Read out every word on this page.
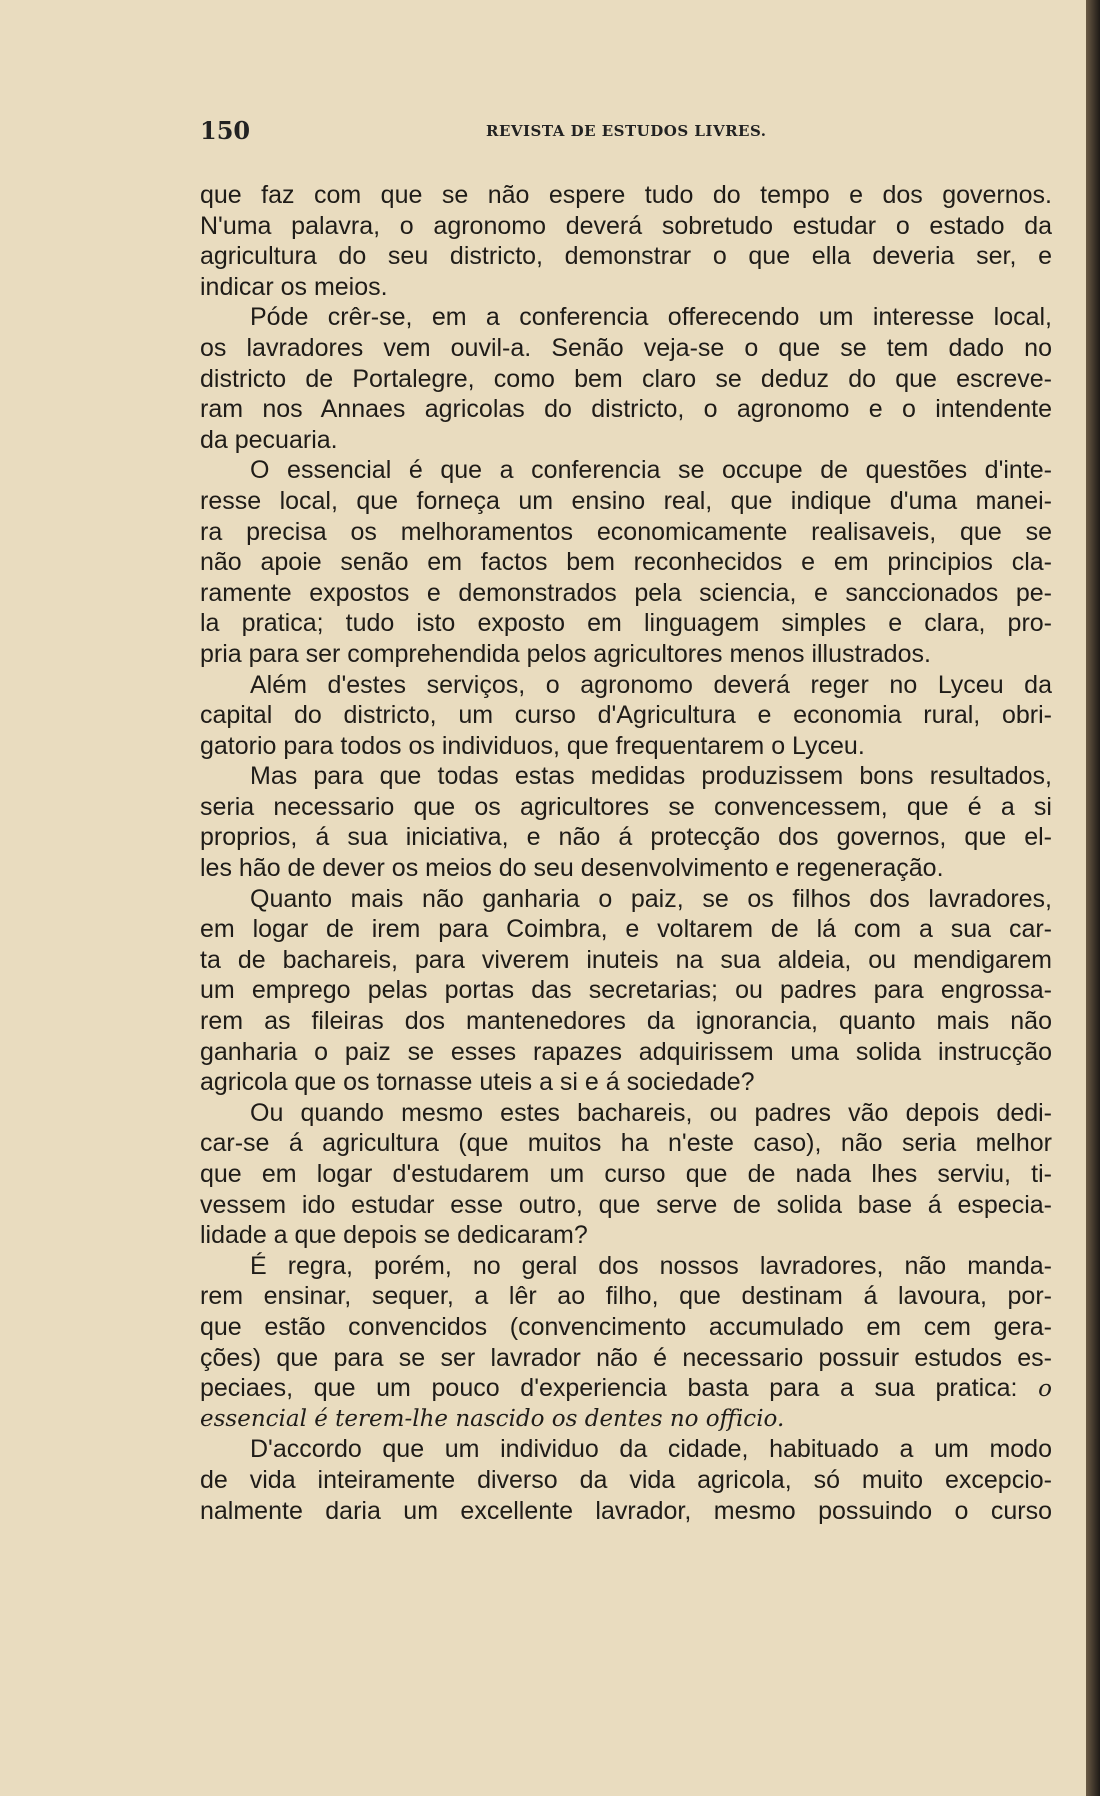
150	REVISTA DE ESTUDOS LIVRES.
que faz com que se não espere tudo do tempo e dos governos.
N'uma palavra, o agronomo deverá sobretudo estudar o estado da
agricultura do seu districto, demonstrar o que ella deveria ser, e
indicar os meios.
Póde crêr-se, em a conferencia offerecendo um interesse local,
os lavradores vem ouvil-a. Senão veja-se o que se tem dado no
districto de Portalegre, como bem claro se deduz do que escreve-
ram nos Annaes agricolas do districto, o agronomo e o intendente
da pecuaria.
O essencial é que a conferencia se occupe de questões d'inte-
resse local, que forneça um ensino real, que indique d'uma manei-
ra precisa os melhoramentos economicamente realisaveis, que se
não apoie senão em factos bem reconhecidos e em principios cla-
ramente expostos e demonstrados pela sciencia, e sanccionados pe-
la pratica; tudo isto exposto em linguagem simples e clara, pro-
pria para ser comprehendida pelos agricultores menos illustrados.
Além d'estes serviços, o agronomo deverá reger no Lyceu da
capital do districto, um curso d'Agricultura e economia rural, obri-
gatorio para todos os individuos, que frequentarem o Lyceu.
Mas para que todas estas medidas produzissem bons resultados,
seria necessario que os agricultores se convencessem, que é a si
proprios, á sua iniciativa, e não á protecção dos governos, que el-
les hão de dever os meios do seu desenvolvimento e regeneração.
Quanto mais não ganharia o paiz, se os filhos dos lavradores,
em logar de irem para Coimbra, e voltarem de lá com a sua car-
ta de bachareis, para viverem inuteis na sua aldeia, ou mendigarem
um emprego pelas portas das secretarias; ou padres para engrossa-
rem as fileiras dos mantenedores da ignorancia, quanto mais não
ganharia o paiz se esses rapazes adquirissem uma solida instrucção
agricola que os tornasse uteis a si e á sociedade?
Ou quando mesmo estes bachareis, ou padres vão depois dedi-
car-se á agricultura (que muitos ha n'este caso), não seria melhor
que em logar d'estudarem um curso que de nada lhes serviu, ti-
vessem ido estudar esse outro, que serve de solida base á especia-
lidade a que depois se dedicaram?
É regra, porém, no geral dos nossos lavradores, não manda-
rem ensinar, sequer, a lêr ao filho, que destinam á lavoura, por-
que estão convencidos (convencimento accumulado em cem gera-
ções) que para se ser lavrador não é necessario possuir estudos es-
peciaes, que um pouco d'experiencia basta para a sua pratica: o
essencial é terem-lhe nascido os dentes no officio.
D'accordo que um individuo da cidade, habituado a um modo
de vida inteiramente diverso da vida agricola, só muito excepcio-
nalmente daria um excellente lavrador, mesmo possuindo o curso
